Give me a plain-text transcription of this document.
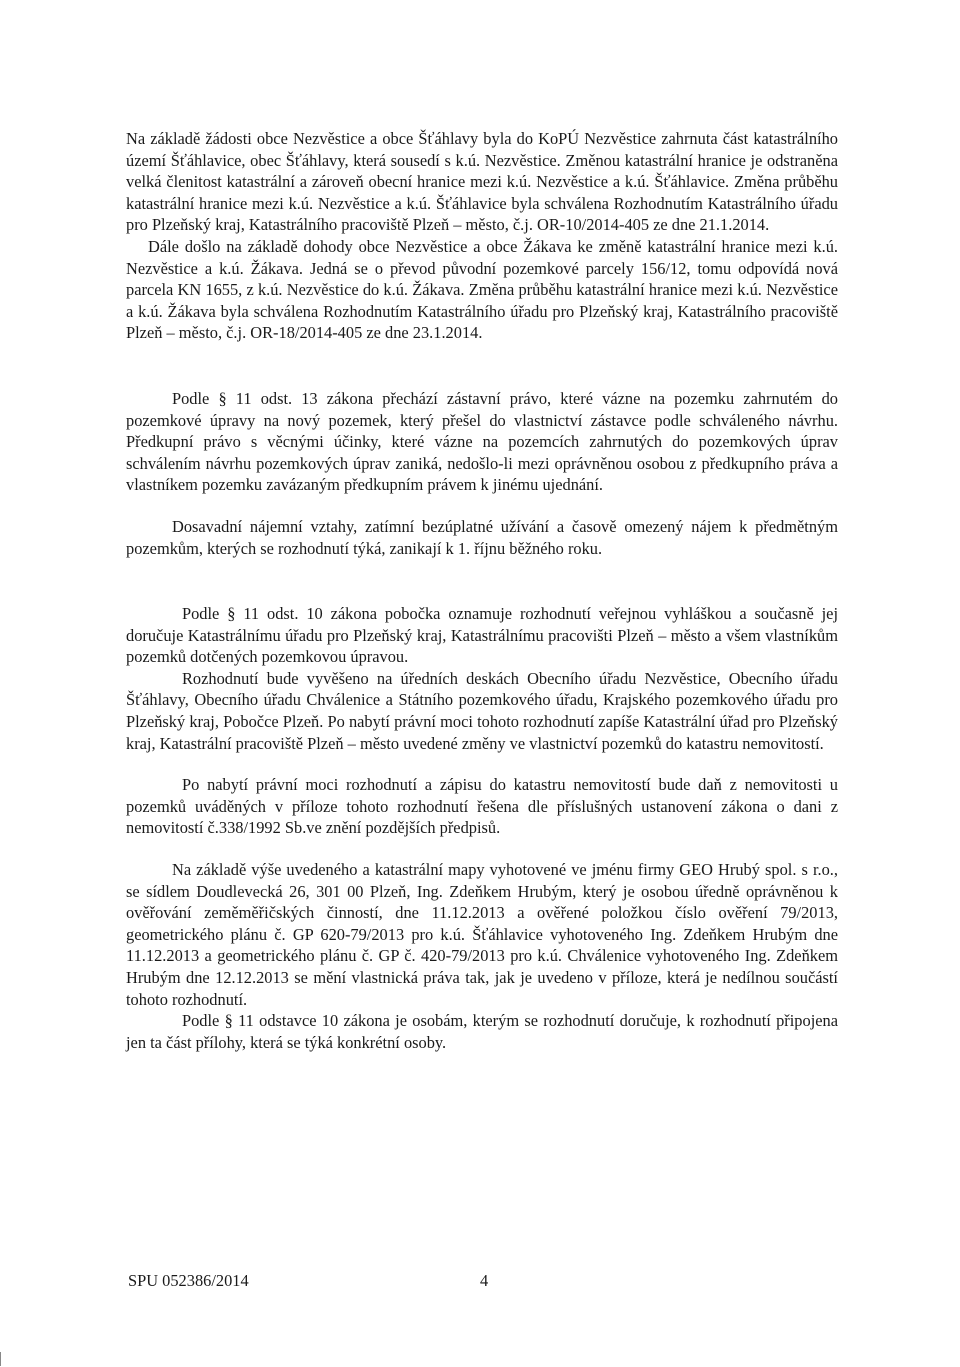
Na základě žádosti obce Nezvěstice a obce Šťáhlavy byla do KoPÚ Nezvěstice zahrnuta část katastrálního území Šťáhlavice, obec Šťáhlavy, která sousedí s k.ú. Nezvěstice. Změnou katastrální hranice je odstraněna velká členitost katastrální a zároveň obecní hranice mezi k.ú. Nezvěstice a k.ú. Šťáhlavice. Změna průběhu katastrální hranice mezi k.ú. Nezvěstice a k.ú. Šťáhlavice byla schválena Rozhodnutím Katastrálního úřadu pro Plzeňský kraj, Katastrálního pracoviště Plzeň – město, č.j. OR-10/2014-405 ze dne 21.1.2014.

Dále došlo na základě dohody obce Nezvěstice a obce Žákava ke změně katastrální hranice mezi k.ú. Nezvěstice a k.ú. Žákava. Jedná se o převod původní pozemkové parcely 156/12, tomu odpovídá nová parcela KN 1655, z k.ú. Nezvěstice do k.ú. Žákava. Změna průběhu katastrální hranice mezi k.ú. Nezvěstice a k.ú. Žákava byla schválena Rozhodnutím Katastrálního úřadu pro Plzeňský kraj, Katastrálního pracoviště Plzeň – město, č.j. OR-18/2014-405 ze dne 23.1.2014.

Podle § 11 odst. 13 zákona přechází zástavní právo, které vázne na pozemku zahrnutém do pozemkové úpravy na nový pozemek, který přešel do vlastnictví zástavce podle schváleného návrhu. Předkupní právo s věcnými účinky, které vázne na pozemcích zahrnutých do pozemkových úprav schválením návrhu pozemkových úprav zaniká, nedošlo-li mezi oprávněnou osobou z předkupního práva a vlastníkem pozemku zavázaným předkupním právem k jinému ujednání.

Dosavadní nájemní vztahy, zatímní bezúplatné užívání a časově omezený nájem k předmětným pozemkům, kterých se rozhodnutí týká, zanikají k 1. říjnu běžného roku.

Podle § 11 odst. 10 zákona pobočka oznamuje rozhodnutí veřejnou vyhláškou a současně jej doručuje Katastrálnímu úřadu pro Plzeňský kraj, Katastrálnímu pracovišti Plzeň – město a všem vlastníkům pozemků dotčených pozemkovou úpravou.

Rozhodnutí bude vyvěšeno na úředních deskách Obecního úřadu Nezvěstice, Obecního úřadu Šťáhlavy, Obecního úřadu Chválenice a Státního pozemkového úřadu, Krajského pozemkového úřadu pro Plzeňský kraj, Pobočce Plzeň. Po nabytí právní moci tohoto rozhodnutí zapíše Katastrální úřad pro Plzeňský kraj, Katastrální pracoviště Plzeň – město uvedené změny ve vlastnictví pozemků do katastru nemovitostí.

Po nabytí právní moci rozhodnutí a zápisu do katastru nemovitostí bude daň z nemovitosti u pozemků uváděných v příloze tohoto rozhodnutí řešena dle příslušných ustanovení zákona o dani z nemovitostí č.338/1992 Sb.ve znění pozdějších předpisů.

Na základě výše uvedeného a katastrální mapy vyhotovené ve jménu firmy GEO Hrubý spol. s r.o., se sídlem Doudlevecká 26, 301 00 Plzeň, Ing. Zdeňkem Hrubým, který je osobou úředně oprávněnou k ověřování zeměměřičských činností, dne 11.12.2013 a ověřené položkou číslo ověření 79/2013, geometrického plánu č. GP 620-79/2013 pro k.ú. Šťáhlavice vyhotoveného Ing. Zdeňkem Hrubým dne 11.12.2013 a geometrického plánu č. GP č. 420-79/2013 pro k.ú. Chválenice vyhotoveného Ing. Zdeňkem Hrubým dne 12.12.2013 se mění vlastnická práva tak, jak je uvedeno v příloze, která je nedílnou součástí tohoto rozhodnutí.

Podle § 11 odstavce 10 zákona je osobám, kterým se rozhodnutí doručuje, k rozhodnutí připojena jen ta část přílohy, která se týká konkrétní osoby.

SPU 052386/2014	4
